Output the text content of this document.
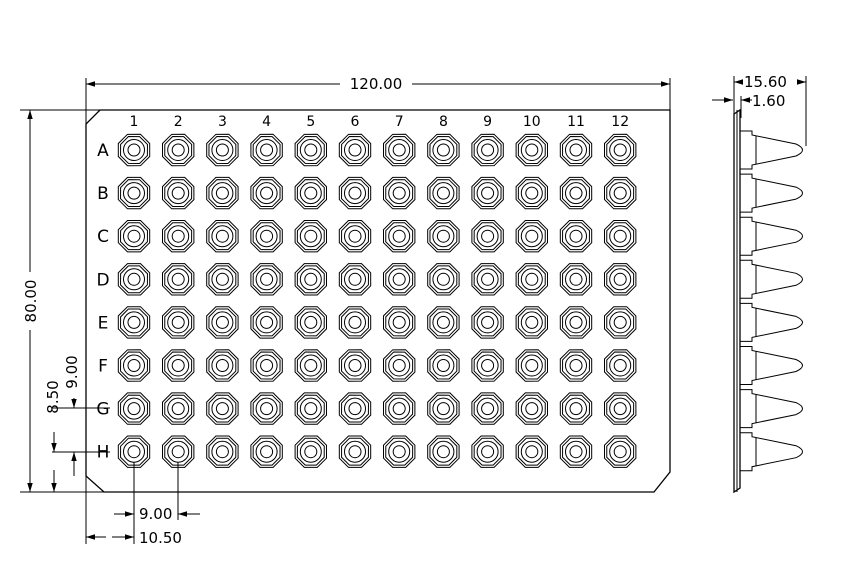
120.00
80.00
9.00
8.50
9.00
10.50
1	2	3	4	5	6	7	8	9 10 11 12
A
B
C
D
E
F
G
H
15.60
1.60
